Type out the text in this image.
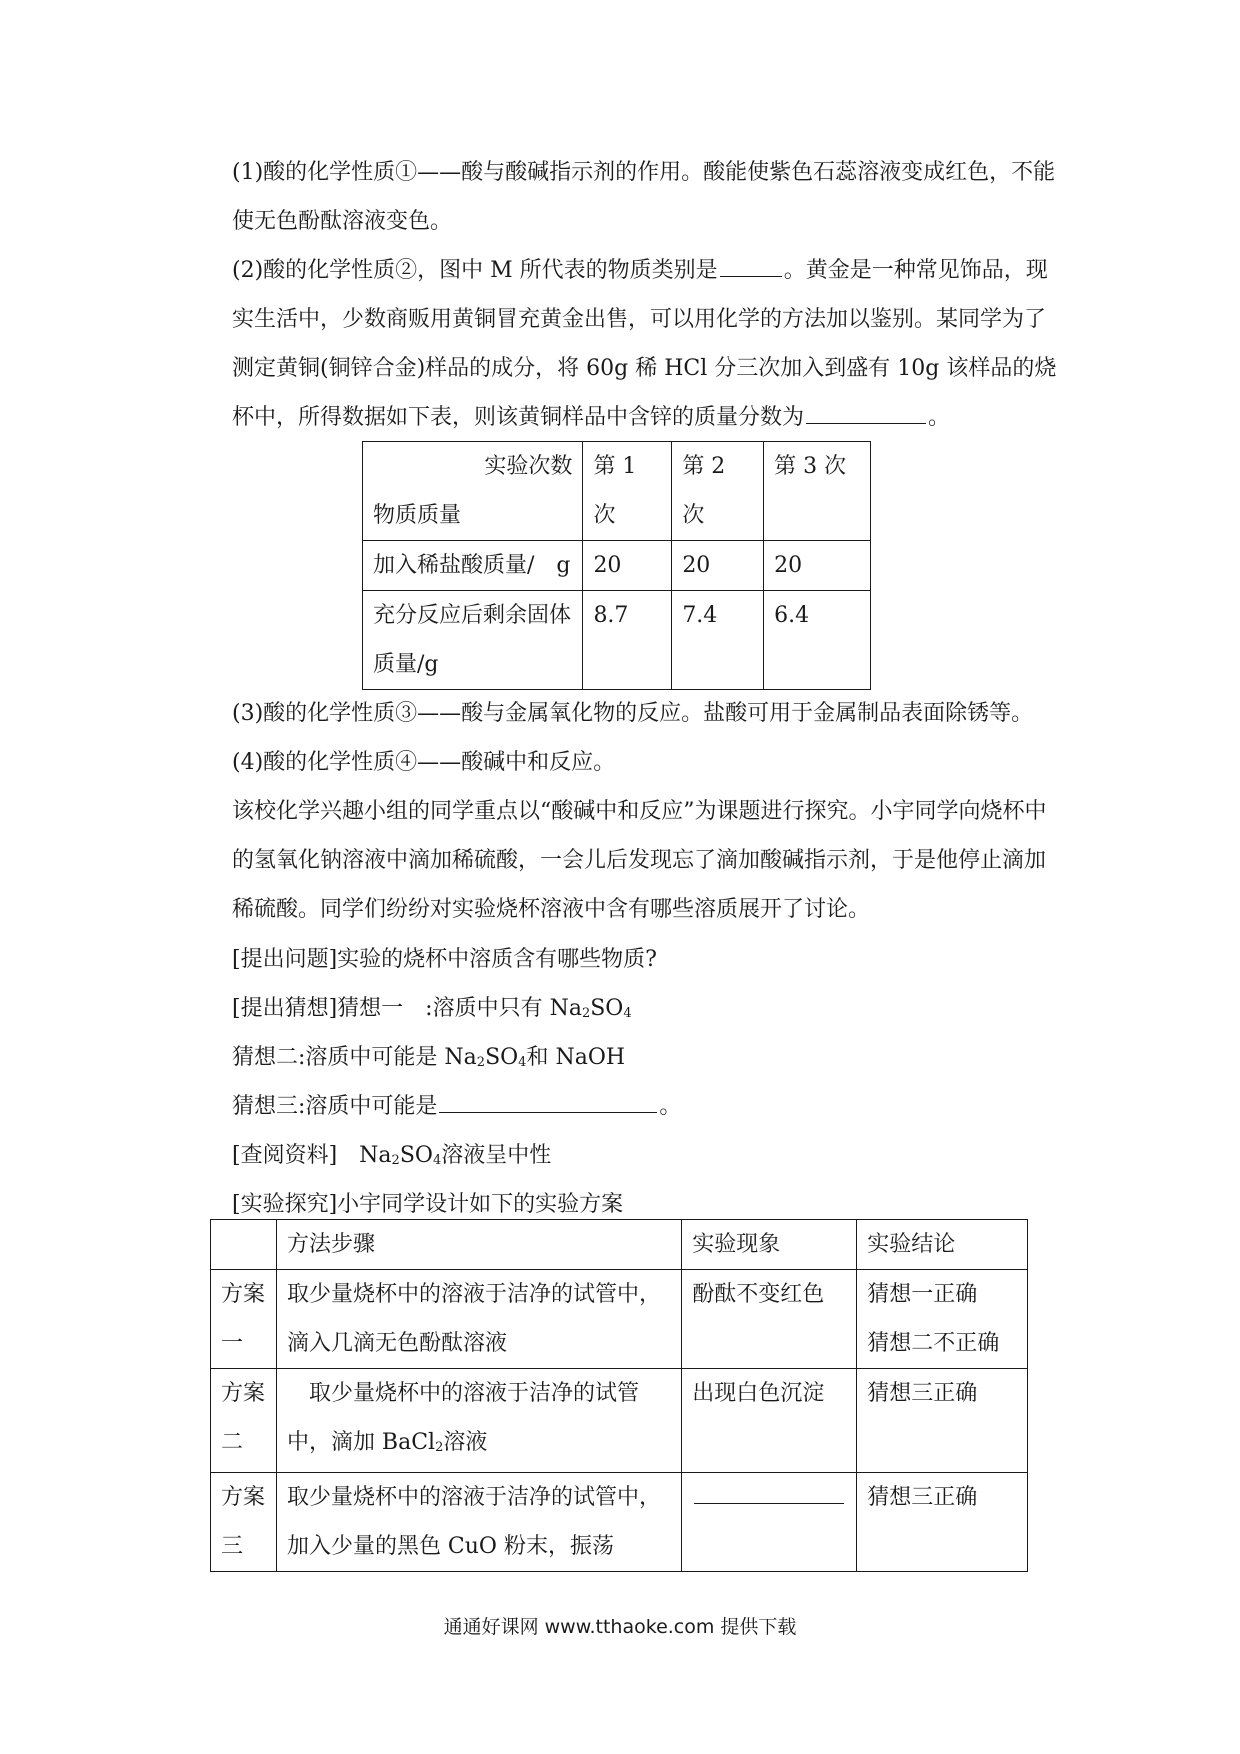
(1)酸的化学性质①——酸与酸碱指示剂的作用。酸能使紫色石蕊溶液变成红色，不能使无色酚酞溶液变色。

(2)酸的化学性质②，图中 M 所代表的物质类别是	。黄金是一种常见饰品，现实生活中，少数商贩用黄铜冒充黄金出售，可以用化学的方法加以鉴别。某同学为了测定黄铜(铜锌合金)样品的成分，将 60g 稀 HCl 分三次加入到盛有 10g 该样品的烧杯中，所得数据如下表，则该黄铜样品中含锌的质量分数为	。

实验次数
物质质量	第 1 次	第 2 次	第 3 次
加入稀盐酸质量/　g	20	20	20
充分反应后剩余固体质量/g	8.7	7.4	6.4

(3)酸的化学性质③——酸与金属氧化物的反应。盐酸可用于金属制品表面除锈等。

(4)酸的化学性质④——酸碱中和反应。

该校化学兴趣小组的同学重点以“酸碱中和反应”为课题进行探究。小宇同学向烧杯中的氢氧化钠溶液中滴加稀硫酸，一会儿后发现忘了滴加酸碱指示剂，于是他停止滴加稀硫酸。同学们纷纷对实验烧杯溶液中含有哪些溶质展开了讨论。

[提出问题]实验的烧杯中溶质含有哪些物质?

[提出猜想]猜想一　:溶质中只有 $Na_2SO_4$

猜想二:溶质中可能是 $Na_2SO_4$和 NaOH

猜想三:溶质中可能是	。

[查阅资料]　$Na_2SO_4$溶液呈中性

[实验探究]小宇同学设计如下的实验方案

	方法步骤	实验现象	实验结论
方案一	取少量烧杯中的溶液于洁净的试管中，滴入几滴无色酚酞溶液	酚酞不变红色	猜想一正确
猜想二不正确

方案二	　取少量烧杯中的溶液于洁净的试管中，滴加 BaCl$_2$溶液	出现白色沉淀	猜想三正确
方案三	取少量烧杯中的溶液于洁净的试管中，加入少量的黑色 CuO 粉末，振荡		猜想三正确
通通好课网 www.tthaoke.com 提供下载
